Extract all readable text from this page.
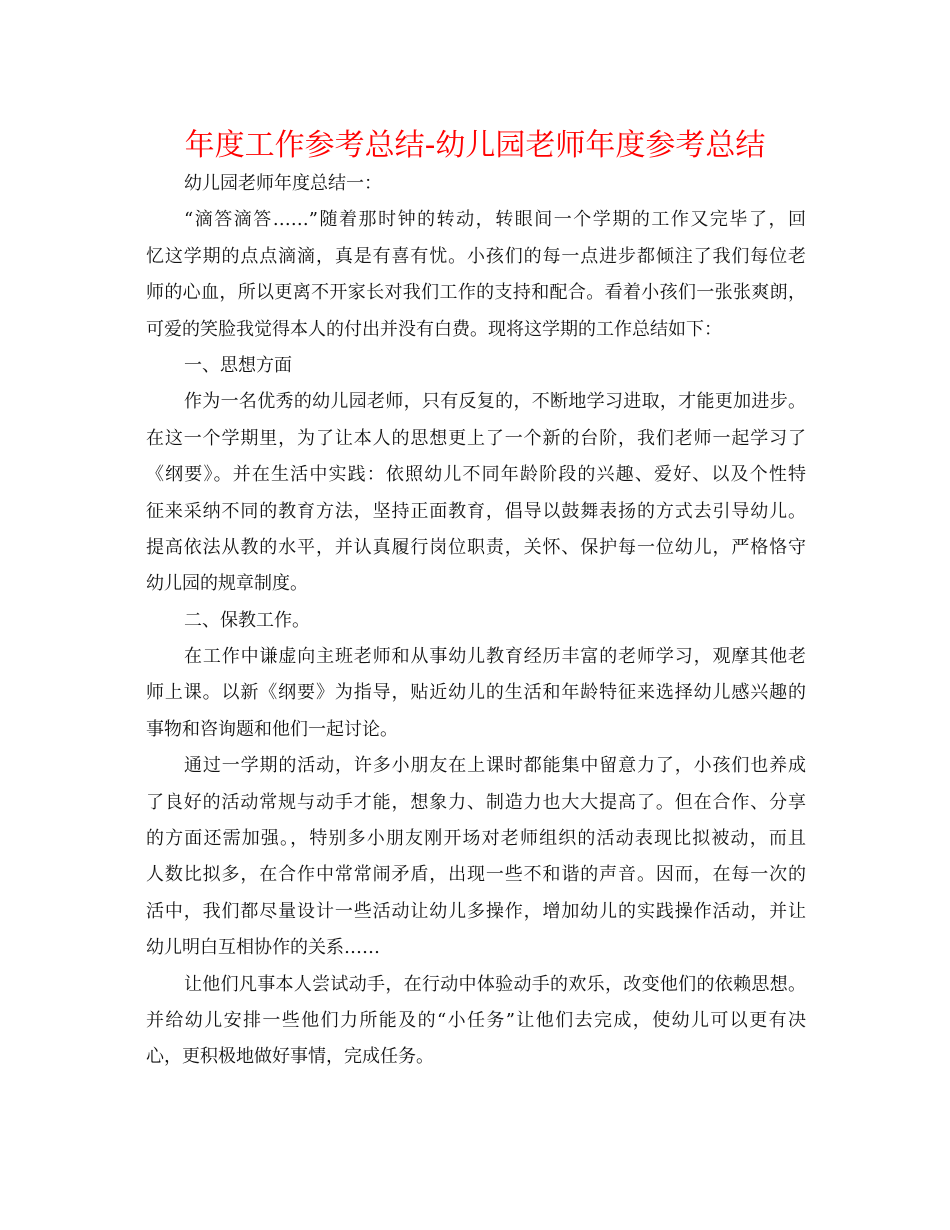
年度工作参考总结-幼儿园老师年度参考总结
幼儿园老师年度总结一：
“滴答滴答……”随着那时钟的转动，转眼间一个学期的工作又完毕了，回
忆这学期的点点滴滴，真是有喜有忧。小孩们的每一点进步都倾注了我们每位老
师的心血，所以更离不开家长对我们工作的支持和配合。看着小孩们一张张爽朗，
可爱的笑脸我觉得本人的付出并没有白费。现将这学期的工作总结如下：
一、思想方面
作为一名优秀的幼儿园老师，只有反复的，不断地学习进取，才能更加进步。
在这一个学期里，为了让本人的思想更上了一个新的台阶，我们老师一起学习了
《纲要》。并在生活中实践：依照幼儿不同年龄阶段的兴趣、爱好、以及个性特
征来采纳不同的教育方法，坚持正面教育，倡导以鼓舞表扬的方式去引导幼儿。
提高依法从教的水平，并认真履行岗位职责，关怀、保护每一位幼儿，严格恪守
幼儿园的规章制度。
二、保教工作。
在工作中谦虚向主班老师和从事幼儿教育经历丰富的老师学习，观摩其他老
师上课。以新《纲要》为指导，贴近幼儿的生活和年龄特征来选择幼儿感兴趣的
事物和咨询题和他们一起讨论。
通过一学期的活动，许多小朋友在上课时都能集中留意力了，小孩们也养成
了良好的活动常规与动手才能，想象力、制造力也大大提高了。但在合作、分享
的方面还需加强。，特别多小朋友刚开场对老师组织的活动表现比拟被动，而且
人数比拟多，在合作中常常闹矛盾，出现一些不和谐的声音。因而，在每一次的
活中，我们都尽量设计一些活动让幼儿多操作，增加幼儿的实践操作活动，并让
幼儿明白互相协作的关系……
让他们凡事本人尝试动手，在行动中体验动手的欢乐，改变他们的依赖思想。
并给幼儿安排一些他们力所能及的“小任务”让他们去完成，使幼儿可以更有决
心，更积极地做好事情，完成任务。
